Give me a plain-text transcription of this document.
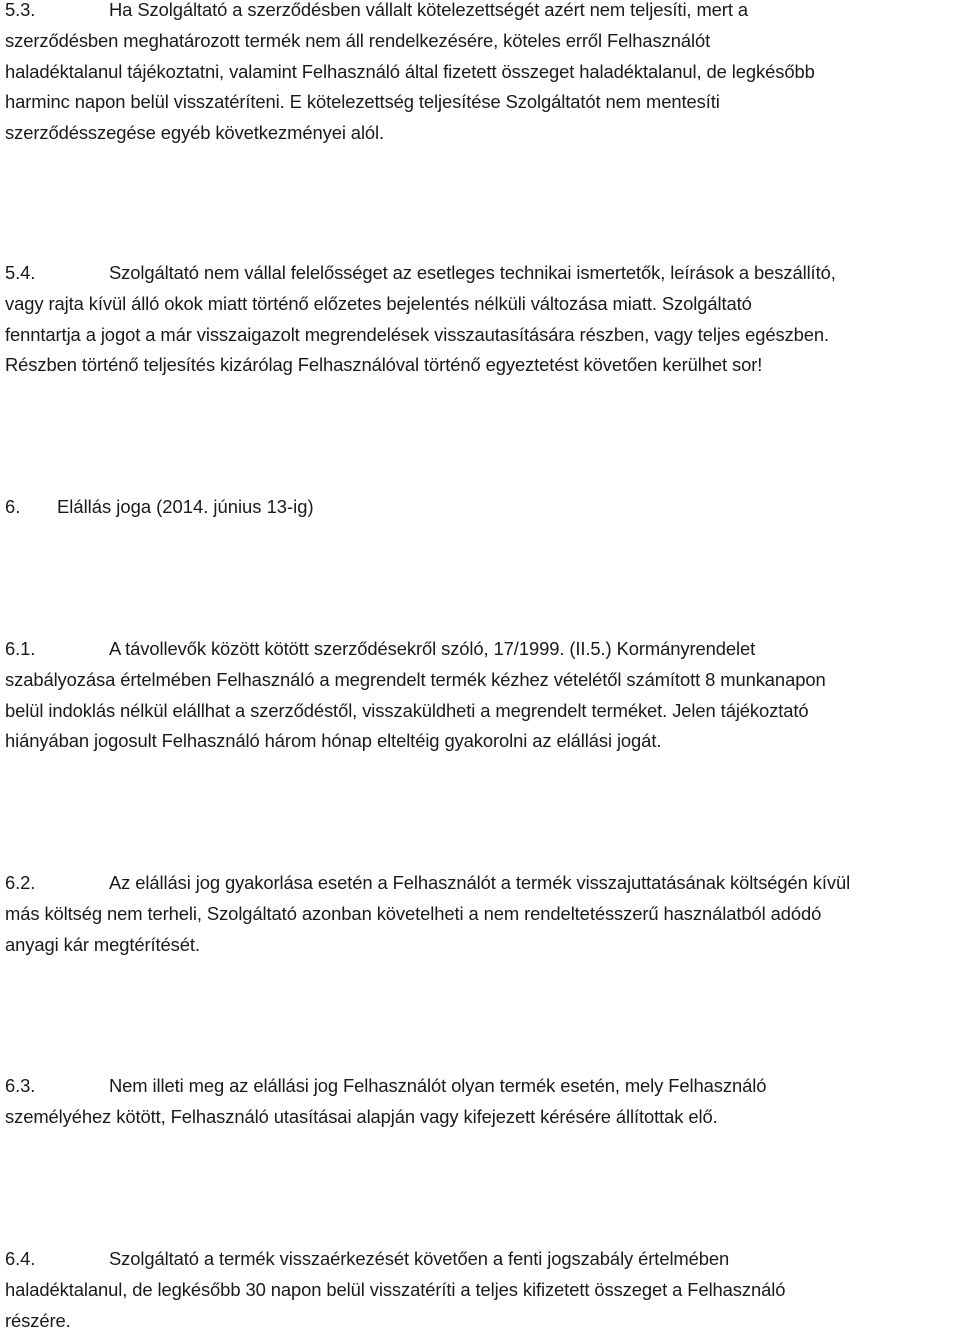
5.3.	Ha Szolgáltató a szerződésben vállalt kötelezettségét azért nem teljesíti, mert a
szerződésben meghatározott termék nem áll rendelkezésére, köteles erről Felhasználót
haladéktalanul tájékoztatni, valamint Felhasználó által fizetett összeget haladéktalanul, de legkésőbb
harminc napon belül visszatéríteni. E kötelezettség teljesítése Szolgáltatót nem mentesíti
szerződésszegése egyéb következményei alól.
5.4.	Szolgáltató nem vállal felelősséget az esetleges technikai ismertetők, leírások a beszállító,
vagy rajta kívül álló okok miatt történő előzetes bejelentés nélküli változása miatt. Szolgáltató
fenntartja a jogot a már visszaigazolt megrendelések visszautasítására részben, vagy teljes egészben.
Részben történő teljesítés kizárólag Felhasználóval történő egyeztetést követően kerülhet sor!
6. Elállás joga (2014. június 13-ig)
6.1.	A távollevők között kötött szerződésekről szóló, 17/1999. (II.5.) Kormányrendelet
szabályozása értelmében Felhasználó a megrendelt termék kézhez vételétől számított 8 munkanapon
belül indoklás nélkül elállhat a szerződéstől, visszaküldheti a megrendelt terméket. Jelen tájékoztató
hiányában jogosult Felhasználó három hónap elteltéig gyakorolni az elállási jogát.
6.2.	Az elállási jog gyakorlása esetén a Felhasználót a termék visszajuttatásának költségén kívül
más költség nem terheli, Szolgáltató azonban követelheti a nem rendeltetésszerű használatból adódó
anyagi kár megtérítését.
6.3.	Nem illeti meg az elállási jog Felhasználót olyan termék esetén, mely Felhasználó
személyéhez kötött, Felhasználó utasításai alapján vagy kifejezett kérésére állítottak elő.
6.4.	Szolgáltató a termék visszaérkezését követően a fenti jogszabály értelmében
haladéktalanul, de legkésőbb 30 napon belül visszatéríti a teljes kifizetett összeget a Felhasználó
részére.
